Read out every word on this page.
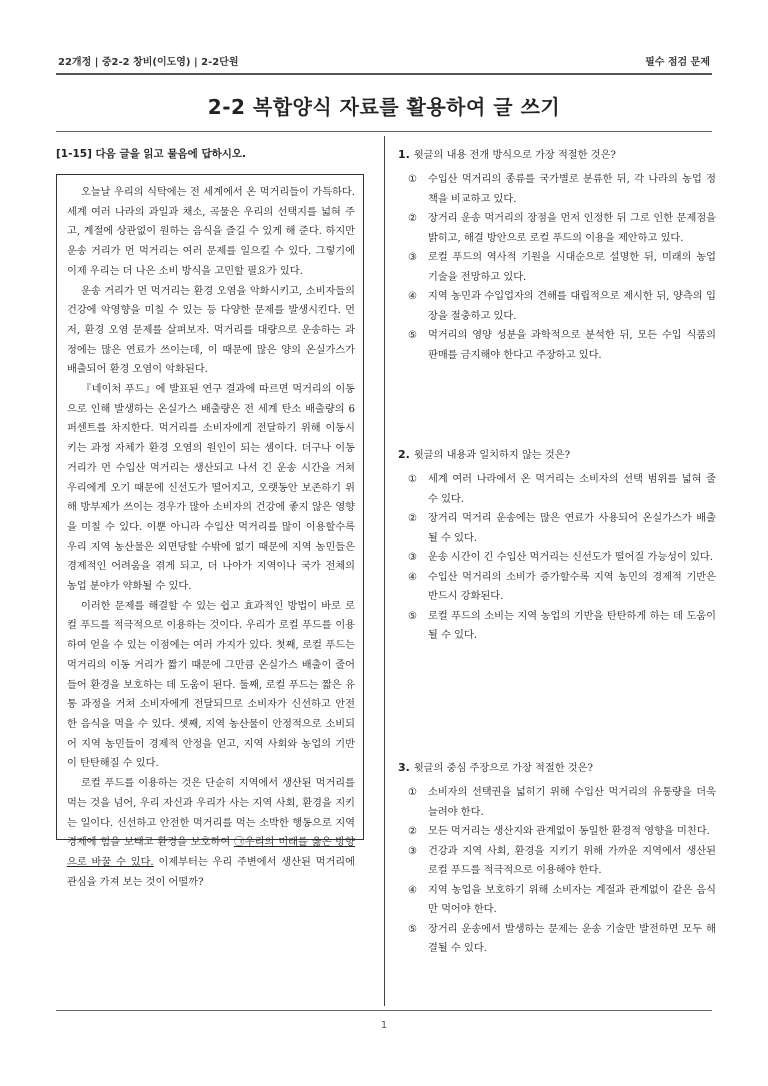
22개정 | 중2-2 창비(이도영) | 2-2단원	필수 점검 문제
2-2 복합양식 자료를 활용하여 글 쓰기
[1-15] 다음 글을 읽고 물음에 답하시오.

오늘날 우리의 식탁에는 전 세계에서 온 먹거리들이 가득하다. 세계 여러 나라의 과일과 채소, 곡물은 우리의 선택지를 넓혀 주고, 계절에 상관없이 원하는 음식을 즐길 수 있게 해 준다. 하지만 운송 거리가 먼 먹거리는 여러 문제를 일으킬 수 있다. 그렇기에 이제 우리는 더 나은 소비 방식을 고민할 필요가 있다.

운송 거리가 먼 먹거리는 환경 오염을 악화시키고, 소비자들의 건강에 악영향을 미칠 수 있는 등 다양한 문제를 발생시킨다. 먼저, 환경 오염 문제를 살펴보자. 먹거리를 대량으로 운송하는 과정에는 많은 연료가 쓰이는데, 이 때문에 많은 양의 온실가스가 배출되어 환경 오염이 악화된다.

『네이처 푸드』에 발표된 연구 결과에 따르면 먹거리의 이동으로 인해 발생하는 온실가스 배출량은 전 세계 탄소 배출량의 6퍼센트를 차지한다. 먹거리를 소비자에게 전달하기 위해 이동시키는 과정 자체가 환경 오염의 원인이 되는 셈이다. 더구나 이동 거리가 먼 수입산 먹거리는 생산되고 나서 긴 운송 시간을 거쳐 우리에게 오기 때문에 신선도가 떨어지고, 오랫동안 보존하기 위해 방부제가 쓰이는 경우가 많아 소비자의 건강에 좋지 않은 영향을 미칠 수 있다. 이뿐 아니라 수입산 먹거리를 많이 이용할수록 우리 지역 농산물은 외면당할 수밖에 없기 때문에 지역 농민들은 경제적인 어려움을 겪게 되고, 더 나아가 지역이나 국가 전체의 농업 분야가 약화될 수 있다.

이러한 문제를 해결할 수 있는 쉽고 효과적인 방법이 바로 로컬 푸드를 적극적으로 이용하는 것이다. 우리가 로컬 푸드를 이용하여 얻을 수 있는 이점에는 여러 가지가 있다. 첫째, 로컬 푸드는 먹거리의 이동 거리가 짧기 때문에 그만큼 온실가스 배출이 줄어들어 환경을 보호하는 데 도움이 된다. 둘째, 로컬 푸드는 짧은 유통 과정을 거쳐 소비자에게 전달되므로 소비자가 신선하고 안전한 음식을 먹을 수 있다. 셋째, 지역 농산물이 안정적으로 소비되어 지역 농민들이 경제적 안정을 얻고, 지역 사회와 농업의 기반이 탄탄해질 수 있다.

로컬 푸드를 이용하는 것은 단순히 지역에서 생산된 먹거리를 먹는 것을 넘어, 우리 자신과 우리가 사는 지역 사회, 환경을 지키는 일이다. 신선하고 안전한 먹거리를 먹는 소박한 행동으로 지역 경제에 힘을 보태고 환경을 보호하여 ㉠우리의 미래를 옳은 방향으로 바꿀 수 있다. 이제부터는 우리 주변에서 생산된 먹거리에 관심을 가져 보는 것이 어떨까?

1. 윗글의 내용 전개 방식으로 가장 적절한 것은?
① 수입산 먹거리의 종류를 국가별로 분류한 뒤, 각 나라의 농업 정책을 비교하고 있다.
② 장거리 운송 먹거리의 장점을 먼저 인정한 뒤 그로 인한 문제점을 밝히고, 해결 방안으로 로컬 푸드의 이용을 제안하고 있다.
③ 로컬 푸드의 역사적 기원을 시대순으로 설명한 뒤, 미래의 농업 기술을 전망하고 있다.
④ 지역 농민과 수입업자의 견해를 대립적으로 제시한 뒤, 양측의 입장을 절충하고 있다.
⑤ 먹거리의 영양 성분을 과학적으로 분석한 뒤, 모든 수입 식품의 판매를 금지해야 한다고 주장하고 있다.
2. 윗글의 내용과 일치하지 않는 것은?
① 세계 여러 나라에서 온 먹거리는 소비자의 선택 범위를 넓혀 줄 수 있다.
② 장거리 먹거리 운송에는 많은 연료가 사용되어 온실가스가 배출될 수 있다.
③ 운송 시간이 긴 수입산 먹거리는 신선도가 떨어질 가능성이 있다.
④ 수입산 먹거리의 소비가 증가할수록 지역 농민의 경제적 기반은 반드시 강화된다.
⑤ 로컬 푸드의 소비는 지역 농업의 기반을 탄탄하게 하는 데 도움이 될 수 있다.
3. 윗글의 중심 주장으로 가장 적절한 것은?
① 소비자의 선택권을 넓히기 위해 수입산 먹거리의 유통량을 더욱 늘려야 한다.
② 모든 먹거리는 생산지와 관계없이 동일한 환경적 영향을 미친다.
③ 건강과 지역 사회, 환경을 지키기 위해 가까운 지역에서 생산된 로컬 푸드를 적극적으로 이용해야 한다.
④ 지역 농업을 보호하기 위해 소비자는 계절과 관계없이 같은 음식만 먹어야 한다.
⑤ 장거리 운송에서 발생하는 문제는 운송 기술만 발전하면 모두 해결될 수 있다.
1
